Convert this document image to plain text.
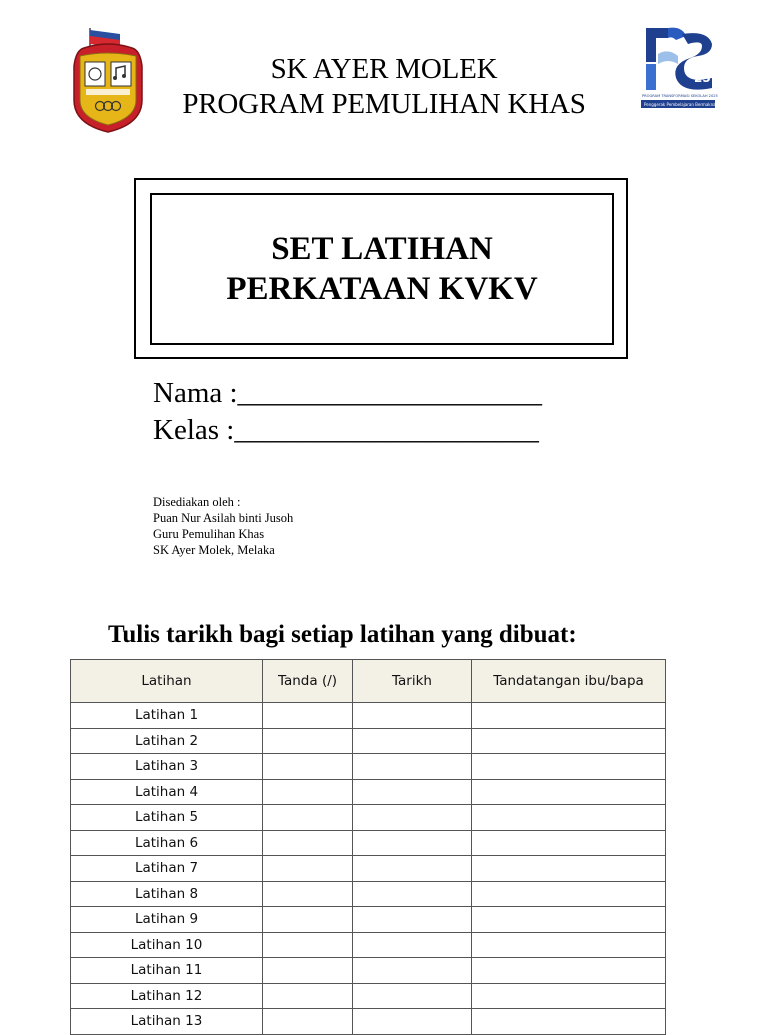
25
PROGRAM TRANSFORMASI SEKOLAH 2025
Penggerak Pembelajaran Bermakna
SK AYER MOLEK
PROGRAM PEMULIHAN KHAS
SET LATIHAN
PERKATAAN KVKV
Nama :_____________________
Kelas :_____________________
Disediakan oleh :
Puan Nur Asilah binti Jusoh
Guru Pemulihan Khas
SK Ayer Molek, Melaka
Tulis tarikh bagi setiap latihan yang dibuat:
Latihan	Tanda (/)	Tarikh	Tandatangan ibu/bapa
Latihan 1			
Latihan 2			
Latihan 3			
Latihan 4			
Latihan 5			
Latihan 6			
Latihan 7			
Latihan 8			
Latihan 9			
Latihan 10			
Latihan 11			
Latihan 12			
Latihan 13			
